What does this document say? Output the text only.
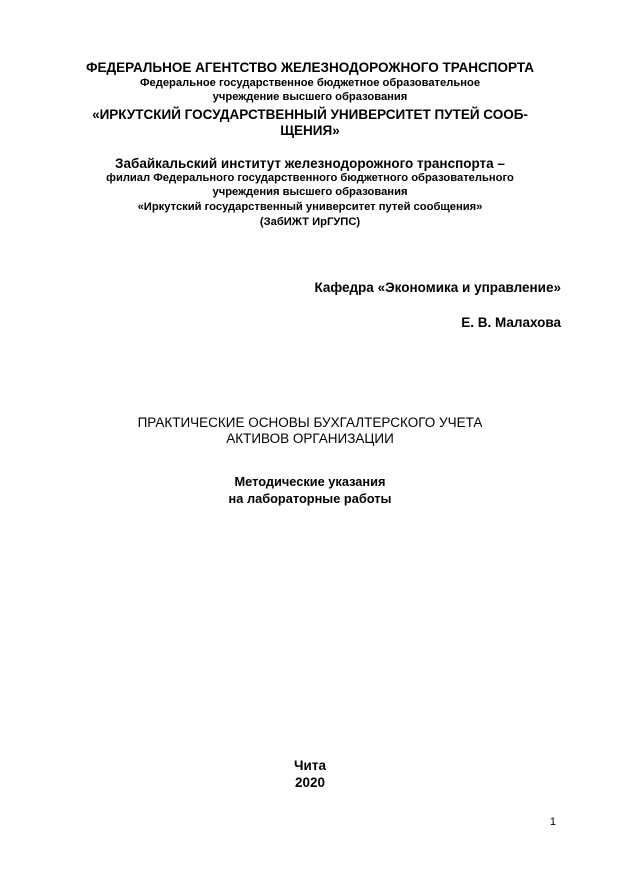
ФЕДЕРАЛЬНОЕ АГЕНТСТВО ЖЕЛЕЗНОДОРОЖНОГО ТРАНСПОРТА
Федеральное государственное бюджетное образовательное
учреждение высшего образования
«ИРКУТСКИЙ ГОСУДАРСТВЕННЫЙ УНИВЕРСИТЕТ ПУТЕЙ СООБ-
ЩЕНИЯ»
Забайкальский институт железнодорожного транспорта –
филиал Федерального государственного бюджетного образовательного
учреждения высшего образования
«Иркутский государственный университет путей сообщения»
(ЗабИЖТ ИрГУПС)
Кафедра «Экономика и управление»
Е. В. Малахова
ПРАКТИЧЕСКИЕ ОСНОВЫ БУХГАЛТЕРСКОГО УЧЕТА
АКТИВОВ ОРГАНИЗАЦИИ
Методические указания
на лабораторные работы
Чита
2020
1
